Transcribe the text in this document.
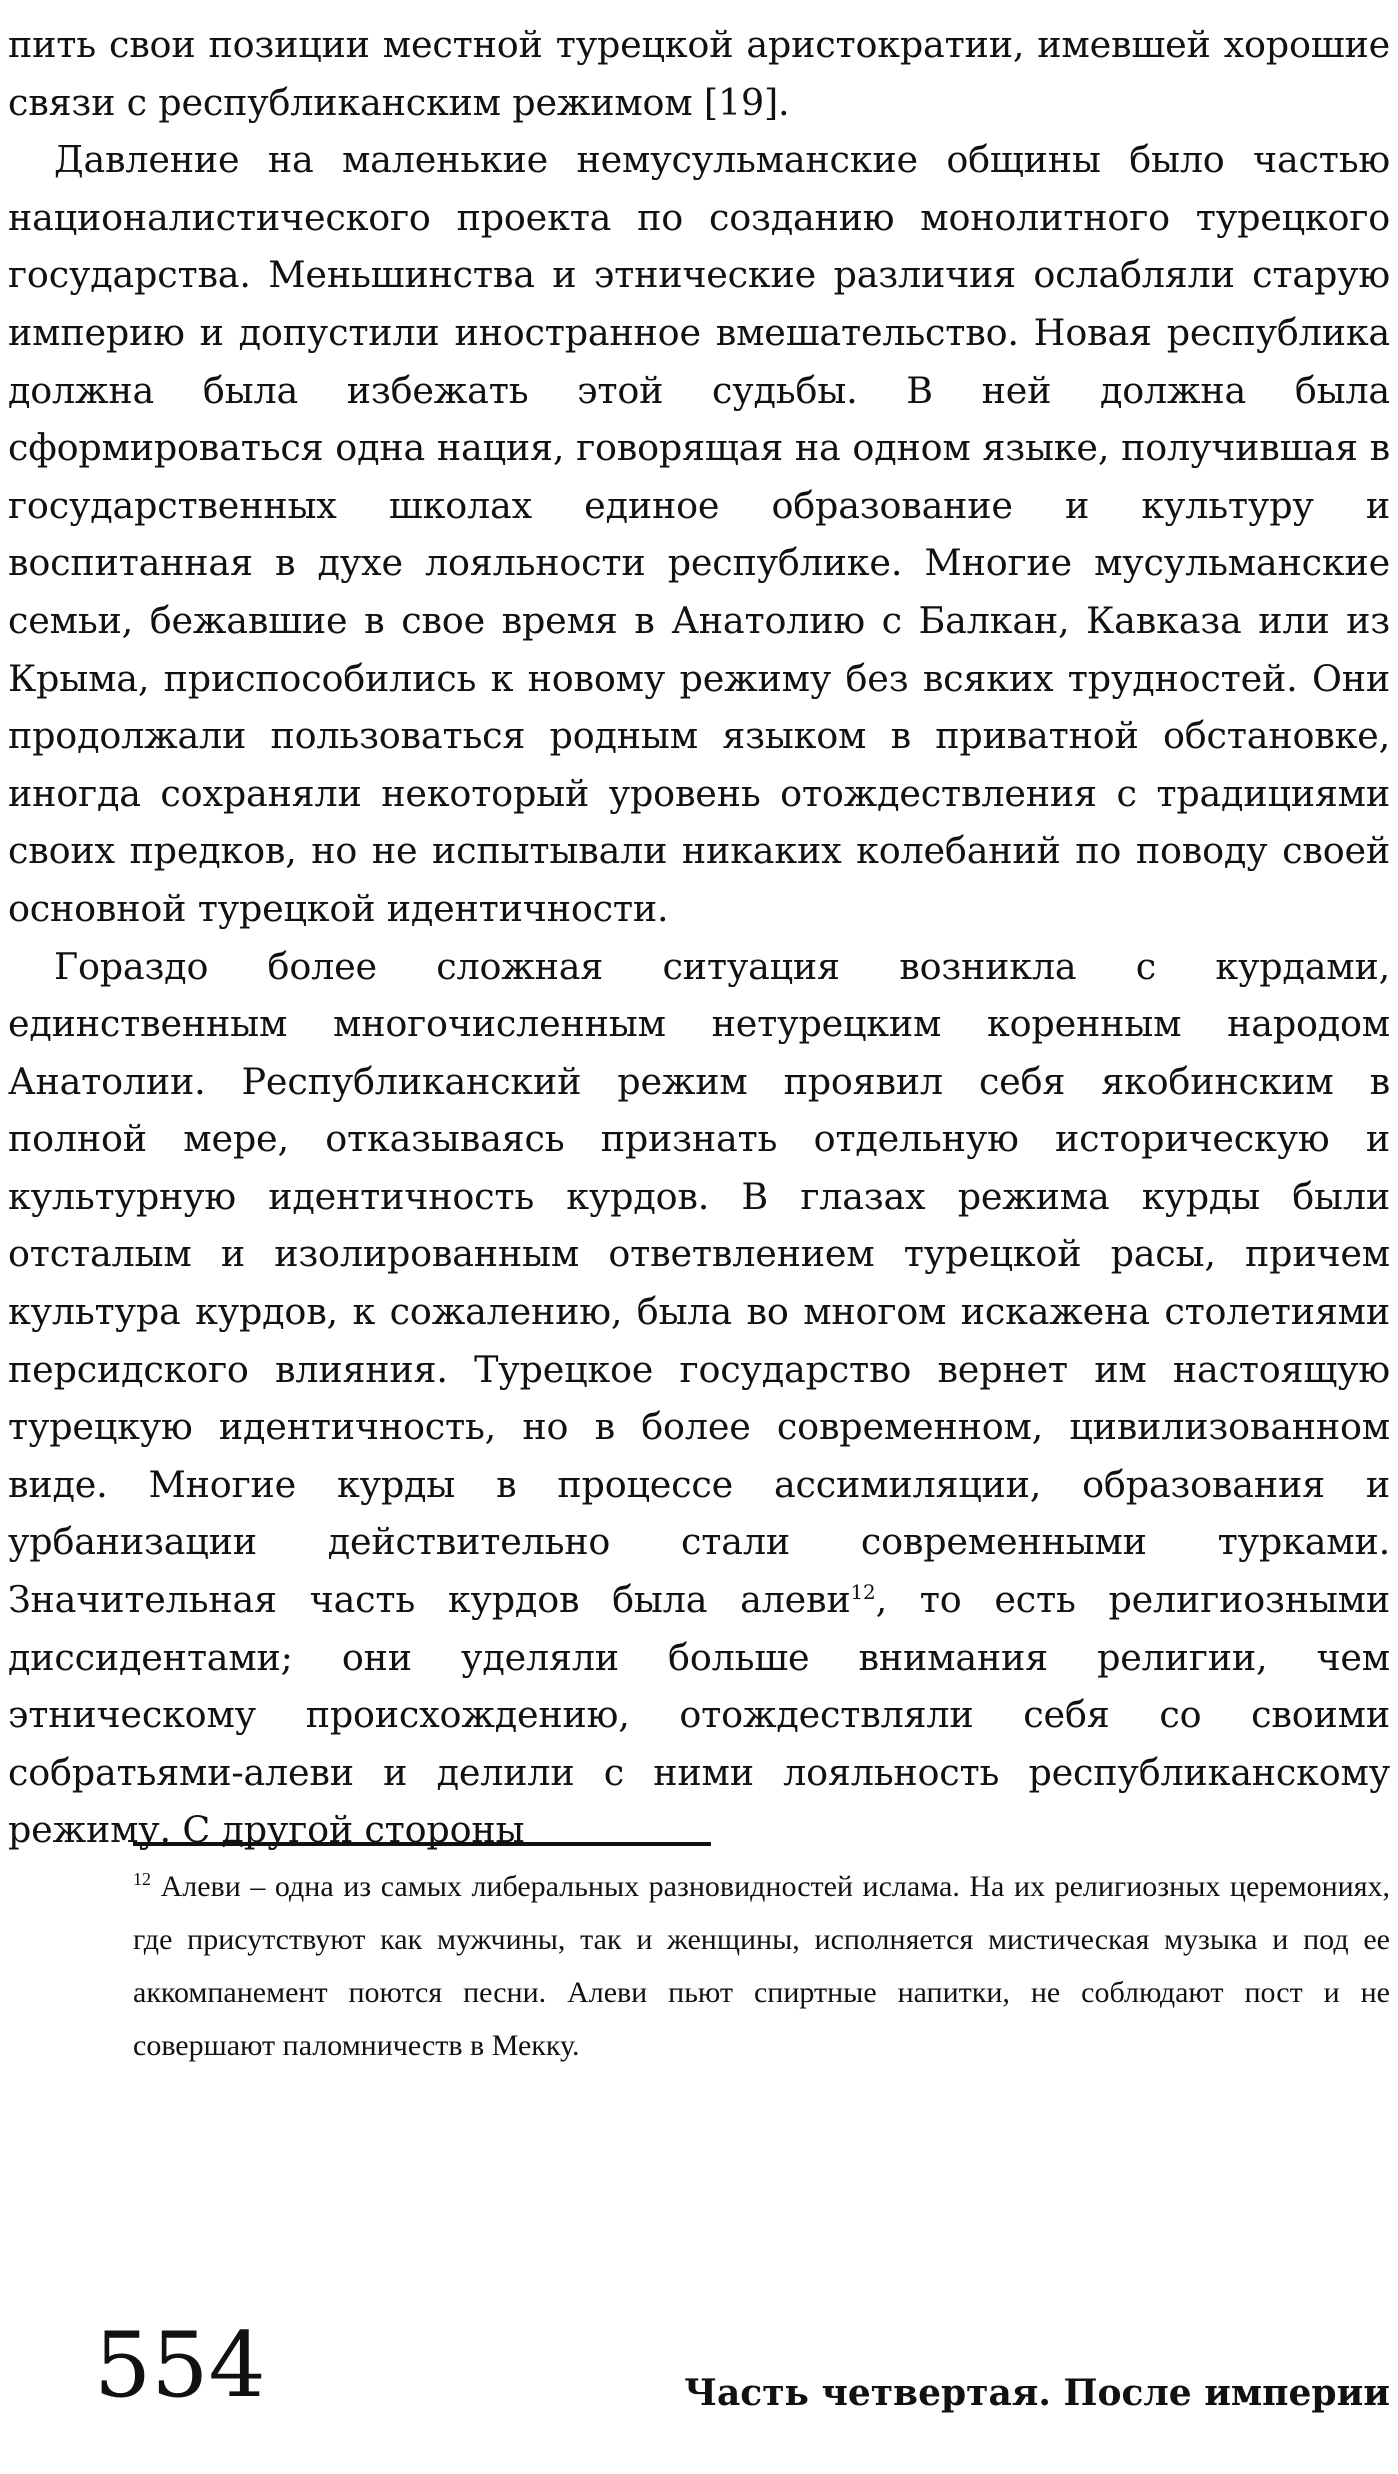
пить свои позиции местной турецкой аристократии, имевшей хорошие связи с республиканским режимом [19].

Давление на маленькие немусульманские общины было частью националистического проекта по созданию монолитного турецкого государства. Меньшинства и этнические различия ослабляли старую империю и допустили иностранное вмешательство. Новая республика должна была избежать этой судьбы. В ней должна была сформироваться одна нация, говорящая на одном языке, получившая в государственных школах единое образование и культуру и воспитанная в духе лояльности республике. Многие мусульманские семьи, бежавшие в свое время в Анатолию с Балкан, Кавказа или из Крыма, приспособились к новому режиму без всяких трудностей. Они продолжали пользоваться родным языком в приватной обстановке, иногда сохраняли некоторый уровень отождествления с традициями своих предков, но не испытывали никаких колебаний по поводу своей основной турецкой идентичности.

Гораздо более сложная ситуация возникла с курдами, единственным многочисленным нетурецким коренным народом Анатолии. Республиканский режим проявил себя якобинским в полной мере, отказываясь признать отдельную историческую и культурную идентичность курдов. В глазах режима курды были отсталым и изолированным ответвлением турецкой расы, причем культура курдов, к сожалению, была во многом искажена столетиями персидского влияния. Турецкое государство вернет им настоящую турецкую идентичность, но в более современном, цивилизованном виде. Многие курды в процессе ассимиляции, образования и урбанизации действительно стали современными турками. Значительная часть курдов была алеви$^{12}$, то есть религиозными диссидентами; они уделяли больше внимания религии, чем этническому происхождению, отождествляли себя со своими собратьями-алеви и делили с ними лояльность республиканскому режиму. С другой стороны

$^{12}$ Алеви – одна из самых либеральных разновидностей ислама. На их религиозных церемониях, где присутствуют как мужчины, так и женщины, исполняется мистическая музыка и под ее аккомпанемент поются песни. Алеви пьют спиртные напитки, не соблюдают пост и не совершают паломничеств в Мекку.

554	Часть четвертая. После империи
